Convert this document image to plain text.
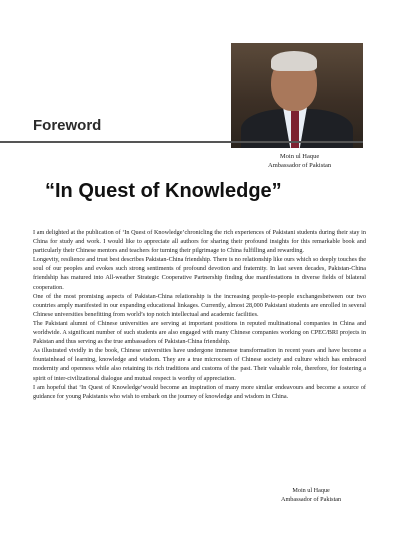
Foreword
Moin ul Haque
Ambassador of Pakistan
“In Quest of Knowledge”

I am delighted at the publication of ‘In Quest of Knowledge’chronicling the rich experiences of Pakistani students during their stay in China for study and work. I would like to appreciate all authors for sharing their profound insights for this remarkable book and particularly their Chinese mentors and teachers for turning their pilgrimage to China fulfilling and rewarding.

Longevity, resilience and trust best describes Pakistan-China friendship. There is no relationship like ours which so deeply touches the soul of our peoples and evokes such strong sentiments of profound devotion and fraternity. In last seven decades, Pakistan-China friendship has matured into All-weather Strategic Cooperative Partnership finding due manifestations in diverse fields of bilateral cooperation.

One of the most promising aspects of Pakistan-China relationship is the increasing people-to-people exchangesbetween our two countries amply manifested in our expanding educational linkages. Currently, almost 28,000 Pakistani students are enrolled in several Chinese universities benefitting from world’s top notch intellectual and academic facilities.

The Pakistani alumni of Chinese universities are serving at important positions in reputed multinational companies in China and worldwide. A significant number of such students are also engaged with many Chinese companies working on CPEC/BRI projects in Pakistan and thus serving as the true ambassadors of Pakistan-China friendship.

As illustrated vividly in the book, Chinese universities have undergone immense transformation in recent years and have become a fountainhead of learning, knowledge and wisdom. They are a true microcosm of Chinese society and culture which has embraced modernity and openness while also retaining its rich traditions and customs of the past. Their valuable role, therefore, for fostering a spirit of inter-civilizational dialogue and mutual respect is worthy of appreciation.

I am hopeful that ‘In Quest of Knowledge’would become an inspiration of many more similar endeavours and become a source of guidance for young Pakistanis who wish to embark on the journey of knowledge and wisdom in China.

Moin ul Haque
Ambassador of Pakistan
